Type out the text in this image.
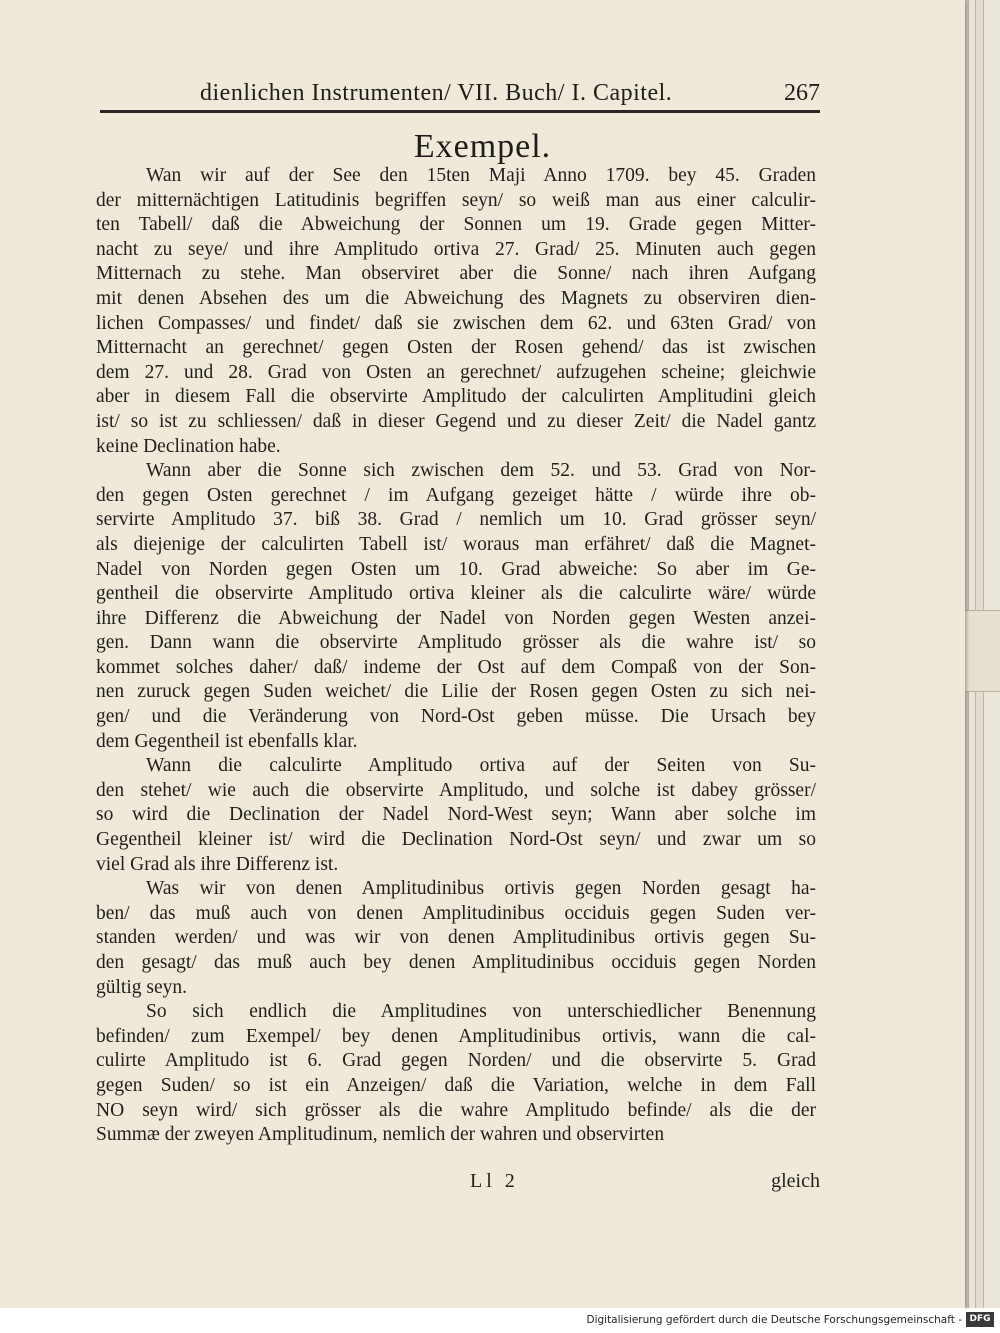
dienlichen Instrumenten/ VII. Buch/ I. Capitel.	267
Exempel.
Wan wir auf der See den 15ten Maji Anno 1709. bey 45. Graden
der mitternächtigen Latitudinis begriffen seyn/ so weiß man aus einer calculir-
ten Tabell/ daß die Abweichung der Sonnen um 19. Grade gegen Mitter-
nacht zu seye/ und ihre Amplitudo ortiva 27. Grad/ 25. Minuten auch gegen
Mitternach zu stehe. Man observiret aber die Sonne/ nach ihren Aufgang
mit denen Absehen des um die Abweichung des Magnets zu observiren dien-
lichen Compasses/ und findet/ daß sie zwischen dem 62. und 63ten Grad/ von
Mitternacht an gerechnet/ gegen Osten der Rosen gehend/ das ist zwischen
dem 27. und 28. Grad von Osten an gerechnet/ aufzugehen scheine; gleichwie
aber in diesem Fall die observirte Amplitudo der calculirten Amplitudini gleich
ist/ so ist zu schliessen/ daß in dieser Gegend und zu dieser Zeit/ die Nadel gantz
keine Declination habe.
Wann aber die Sonne sich zwischen dem 52. und 53. Grad von Nor-
den gegen Osten gerechnet / im Aufgang gezeiget hätte / würde ihre ob-
servirte Amplitudo 37. biß 38. Grad / nemlich um 10. Grad grösser seyn/
als diejenige der calculirten Tabell ist/ woraus man erfähret/ daß die Magnet-
Nadel von Norden gegen Osten um 10. Grad abweiche: So aber im Ge-
gentheil die observirte Amplitudo ortiva kleiner als die calculirte wäre/ würde
ihre Differenz die Abweichung der Nadel von Norden gegen Westen anzei-
gen. Dann wann die observirte Amplitudo grösser als die wahre ist/ so
kommet solches daher/ daß/ indeme der Ost auf dem Compaß von der Son-
nen zuruck gegen Suden weichet/ die Lilie der Rosen gegen Osten zu sich nei-
gen/ und die Veränderung von Nord-Ost geben müsse. Die Ursach bey
dem Gegentheil ist ebenfalls klar.
Wann die calculirte Amplitudo ortiva auf der Seiten von Su-
den stehet/ wie auch die observirte Amplitudo, und solche ist dabey grösser/
so wird die Declination der Nadel Nord-West seyn; Wann aber solche im
Gegentheil kleiner ist/ wird die Declination Nord-Ost seyn/ und zwar um so
viel Grad als ihre Differenz ist.
Was wir von denen Amplitudinibus ortivis gegen Norden gesagt ha-
ben/ das muß auch von denen Amplitudinibus occiduis gegen Suden ver-
standen werden/ und was wir von denen Amplitudinibus ortivis gegen Su-
den gesagt/ das muß auch bey denen Amplitudinibus occiduis gegen Norden
gültig seyn.
So sich endlich die Amplitudines von unterschiedlicher Benennung
befinden/ zum Exempel/ bey denen Amplitudinibus ortivis, wann die cal-
culirte Amplitudo ist 6. Grad gegen Norden/ und die observirte 5. Grad
gegen Suden/ so ist ein Anzeigen/ daß die Variation, welche in dem Fall
NO seyn wird/ sich grösser als die wahre Amplitudo befinde/ als die der
Summæ der zweyen Amplitudinum, nemlich der wahren und observirten
Ll 2	gleich
Digitalisierung gefördert durch die Deutsche Forschungsgemeinschaft - DFG
